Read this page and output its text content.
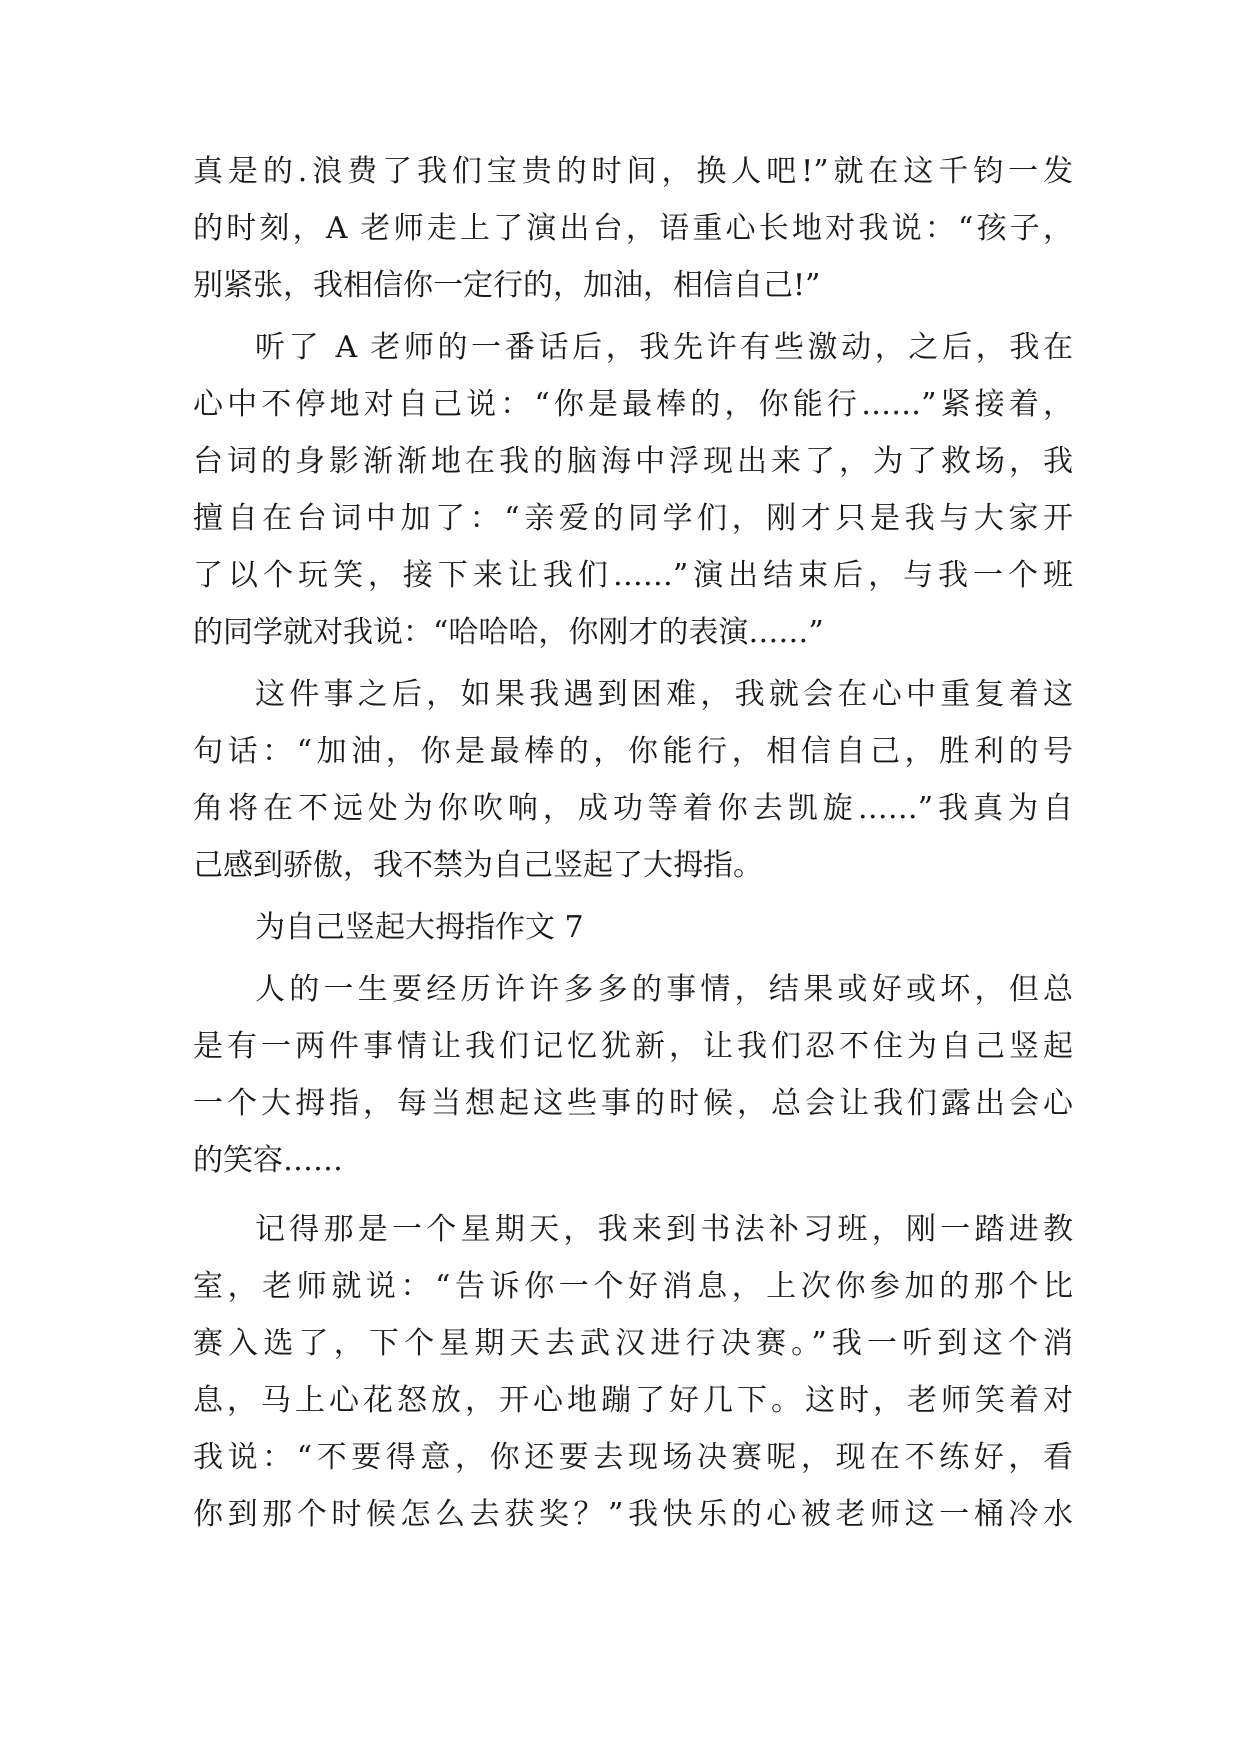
真是的.浪费了我们宝贵的时间，换人吧!”就在这千钧一发
的时刻，A 老师走上了演出台，语重心长地对我说：“孩子，
别紧张，我相信你一定行的，加油，相信自己!”
听了 A 老师的一番话后，我先许有些激动，之后，我在
心中不停地对自己说：“你是最棒的，你能行……”紧接着，
台词的身影渐渐地在我的脑海中浮现出来了，为了救场，我
擅自在台词中加了：“亲爱的同学们，刚才只是我与大家开
了以个玩笑，接下来让我们……”演出结束后，与我一个班
的同学就对我说：“哈哈哈，你刚才的表演……”
这件事之后，如果我遇到困难，我就会在心中重复着这
句话：“加油，你是最棒的，你能行，相信自己，胜利的号
角将在不远处为你吹响，成功等着你去凯旋……”我真为自
己感到骄傲，我不禁为自己竖起了大拇指。
为自己竖起大拇指作文 7
人的一生要经历许许多多的事情，结果或好或坏，但总
是有一两件事情让我们记忆犹新，让我们忍不住为自己竖起
一个大拇指，每当想起这些事的时候，总会让我们露出会心
的笑容……
记得那是一个星期天，我来到书法补习班，刚一踏进教
室，老师就说：“告诉你一个好消息，上次你参加的那个比
赛入选了，下个星期天去武汉进行决赛。”我一听到这个消
息，马上心花怒放，开心地蹦了好几下。这时，老师笑着对
我说：“不要得意，你还要去现场决赛呢，现在不练好，看
你到那个时候怎么去获奖？”我快乐的心被老师这一桶冷水
